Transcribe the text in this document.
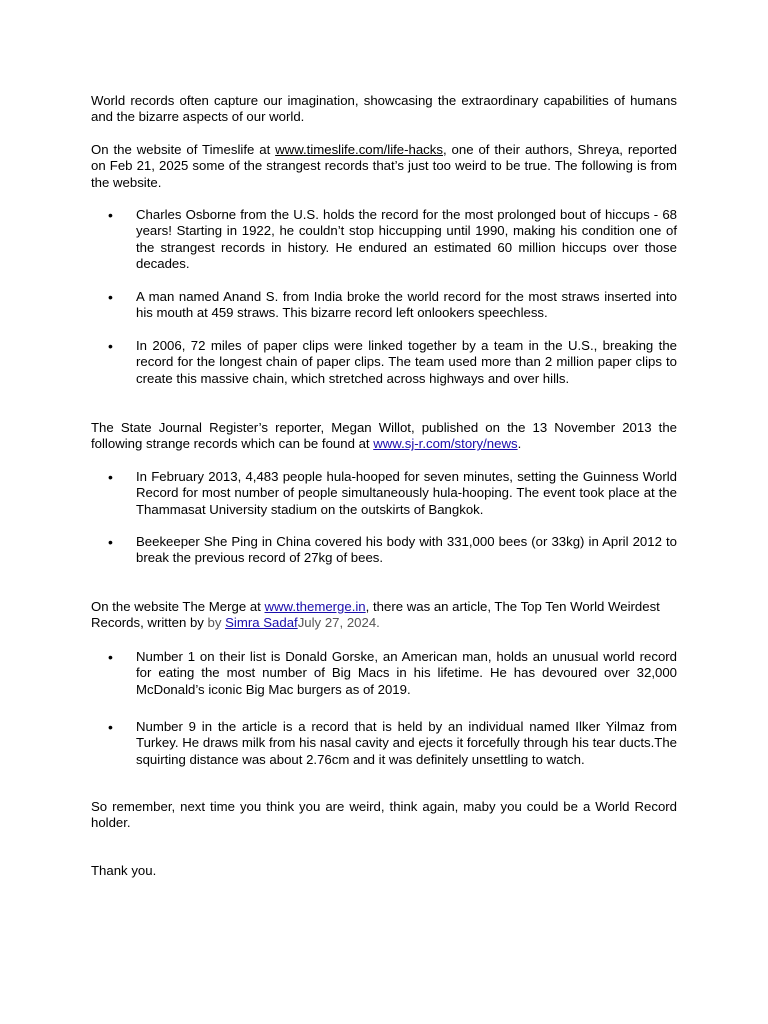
World records often capture our imagination, showcasing the extraordinary capabilities of humans and the bizarre aspects of our world.

On the website of Timeslife at www.timeslife.com/life-hacks, one of their authors, Shreya, reported on Feb 21, 2025 some of the strangest records that’s just too weird to be true. The following is from the website.

•	Charles Osborne from the U.S. holds the record for the most prolonged bout of hiccups - 68 years! Starting in 1922, he couldn’t stop hiccupping until 1990, making his condition one of the strangest records in history. He endured an estimated 60 million hiccups over those decades.

•	A man named Anand S. from India broke the world record for the most straws inserted into his mouth at 459 straws. This bizarre record left onlookers speechless.

•	In 2006, 72 miles of paper clips were linked together by a team in the U.S., breaking the record for the longest chain of paper clips. The team used more than 2 million paper clips to create this massive chain, which stretched across highways and over hills.

The State Journal Register’s reporter, Megan Willot, published on the 13 November 2013 the following strange records which can be found at www.sj-r.com/story/news.

•	In February 2013, 4,483 people hula-hooped for seven minutes, setting the Guinness World Record for most number of people simultaneously hula-hooping. The event took place at the Thammasat University stadium on the outskirts of Bangkok.

•	Beekeeper She Ping in China covered his body with 331,000 bees (or 33kg) in April 2012 to break the previous record of 27kg of bees.

On the website The Merge at www.themerge.in, there was an article, The Top Ten World Weirdest Records, written by by Simra SadafJuly 27, 2024.

•	Number 1 on their list is Donald Gorske, an American man, holds an unusual world record for eating the most number of Big Macs in his lifetime. He has devoured over 32,000 McDonald’s iconic Big Mac burgers as of 2019.

•	Number 9 in the article is a record that is held by an individual named Ilker Yilmaz from Turkey. He draws milk from his nasal cavity and ejects it forcefully through his tear ducts.The squirting distance was about 2.76cm and it was definitely unsettling to watch.

So remember, next time you think you are weird, think again, maby you could be a World Record holder.

Thank you.
